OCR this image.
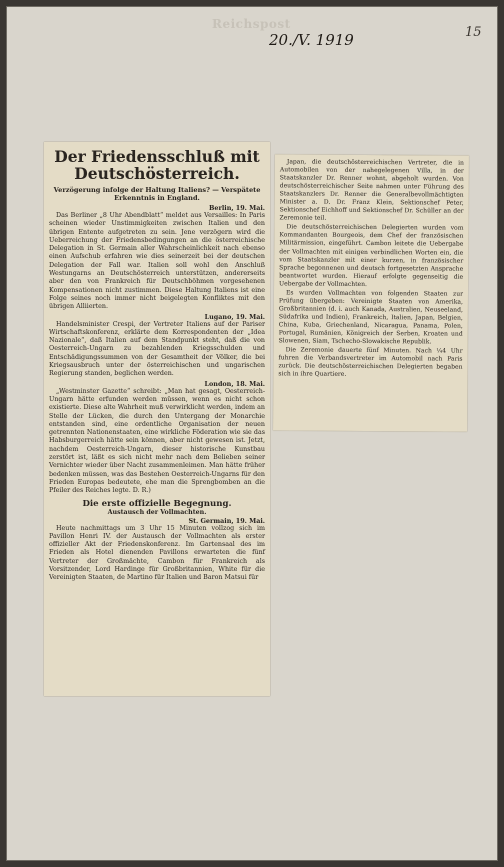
Reichspost
20./V. 1919	15
Der Friedensschluß mit Deutschösterreich.
Verzögerung infolge der Haltung Italiens? — Verspätete Erkenntnis in England.
Berlin, 19. Mai.

Das Berliner „8 Uhr Abendblatt“ meldet aus Versailles: In Paris scheinen wieder Unstimmigkeiten zwischen Italien und den übrigen Entente aufgetreten zu sein. Jene verzögern wird die Ueberreichung der Friedensbedingungen an die österreichische Delegation in St. Germain aller Wahrscheinlichkeit nach ebenso einen Aufschub erfahren wie dies seinerzeit bei der deutschen Delegation der Fall war. Italien soll wohl den Anschluß Westungarns an Deutschösterreich unterstützen, andererseits aber den von Frankreich für Deutschböhmen vorgesehenen Kompensationen nicht zustimmen. Diese Haltung Italiens ist eine Folge seines noch immer nicht beigelegten Konfliktes mit den übrigen Alliierten.

Lugano, 19. Mai.

Handelsminister Crespi, der Vertreter Italiens auf der Pariser Wirtschaftskonferenz, erklärte dem Korrespondenten der „Idea Nazionale“, daß Italien auf dem Standpunkt steht, daß die von Oesterreich-Ungarn zu bezahlenden Kriegsschulden und Entschädigungssummen von der Gesamtheit der Völker, die bei Kriegsausbruch unter der österreichischen und ungarischen Regierung standen, beglichen werden.

London, 18. Mai.

„Westminster Gazette“ schreibt: „Man hat gesagt, Oesterreich-Ungarn hätte erfunden werden müssen, wenn es nicht schon existierte. Diese alte Wahrheit muß verwirklicht werden, indem an Stelle der Lücken, die durch den Untergang der Monarchie entstanden sind, eine ordentliche Organisation der neuen getrennten Nationenstaaten, eine wirkliche Föderation wie sie das Habsburgerreich hätte sein können, aber nicht gewesen ist. Jetzt, nachdem Oesterreich-Ungarn, dieser historische Kunstbau zerstört ist, läßt es sich nicht mehr nach dem Belieben seiner Vernichter wieder über Nacht zusammenleimen. Man hätte früher bedenken müssen, was das Bestehen Oesterreich-Ungarns für den Frieden Europas bedeutete, ehe man die Sprengbomben an die Pfeiler des Reiches legte. D. R.)

Die erste offizielle Begegnung.
Austausch der Vollmachten.
St. Germain, 19. Mai.

Heute nachmittags um 3 Uhr 15 Minuten vollzog sich im Pavillon Henri IV. der Austausch der Vollmachten als erster offizieller Akt der Friedenskonferenz. Im Gartensaal des im Frieden als Hotel dienenden Pavillons erwarteten die fünf Vertreter der Großmächte, Cambon für Frankreich als Vorsitzender, Lord Hardinge für Großbritannien, White für die Vereinigten Staaten, de Martino für Italien und Baron Matsui für

Japan, die deutschösterreichischen Vertreter, die in Automobilen von der nahegelegenen Villa, in der Staatskanzler Dr. Renner wohnt, abgeholt wurden. Von deutschösterreichischer Seite nahmen unter Führung des Staatskanzlers Dr. Renner die Generalbevollmächtigten Minister a. D. Dr. Franz Klein, Sektionschef Peter, Sektionschef Eichhoff und Sektionschef Dr. Schüller an der Zeremonie teil.

Die deutschösterreichischen Delegierten wurden vom Kommandanten Bourgeois, dem Chef der französischen Militärmission, eingeführt. Cambon leitete die Uebergabe der Vollmachten mit einigen verbindlichen Worten ein, die vom Staatskanzler mit einer kurzen, in französischer Sprache begonnenen und deutsch fortgesetzten Ansprache beantwortet wurden. Hierauf erfolgte gegenseitig die Uebergabe der Vollmachten.

Es wurden Vollmachten von folgenden Staaten zur Prüfung übergeben: Vereinigte Staaten von Amerika, Großbritannien (d. i. auch Kanada, Australien, Neuseeland, Südafrika und Indien), Frankreich, Italien, Japan, Belgien, China, Kuba, Griechenland, Nicaragua, Panama, Polen, Portugal, Rumänien, Königreich der Serben, Kroaten und Slowenen, Siam, Tschecho-Slowakische Republik.

Die Zeremonie dauerte fünf Minuten. Nach ¼4 Uhr fuhren die Verbandsvertreter im Automobil nach Paris zurück. Die deutschösterreichischen Delegierten begaben sich in ihre Quartiere.
